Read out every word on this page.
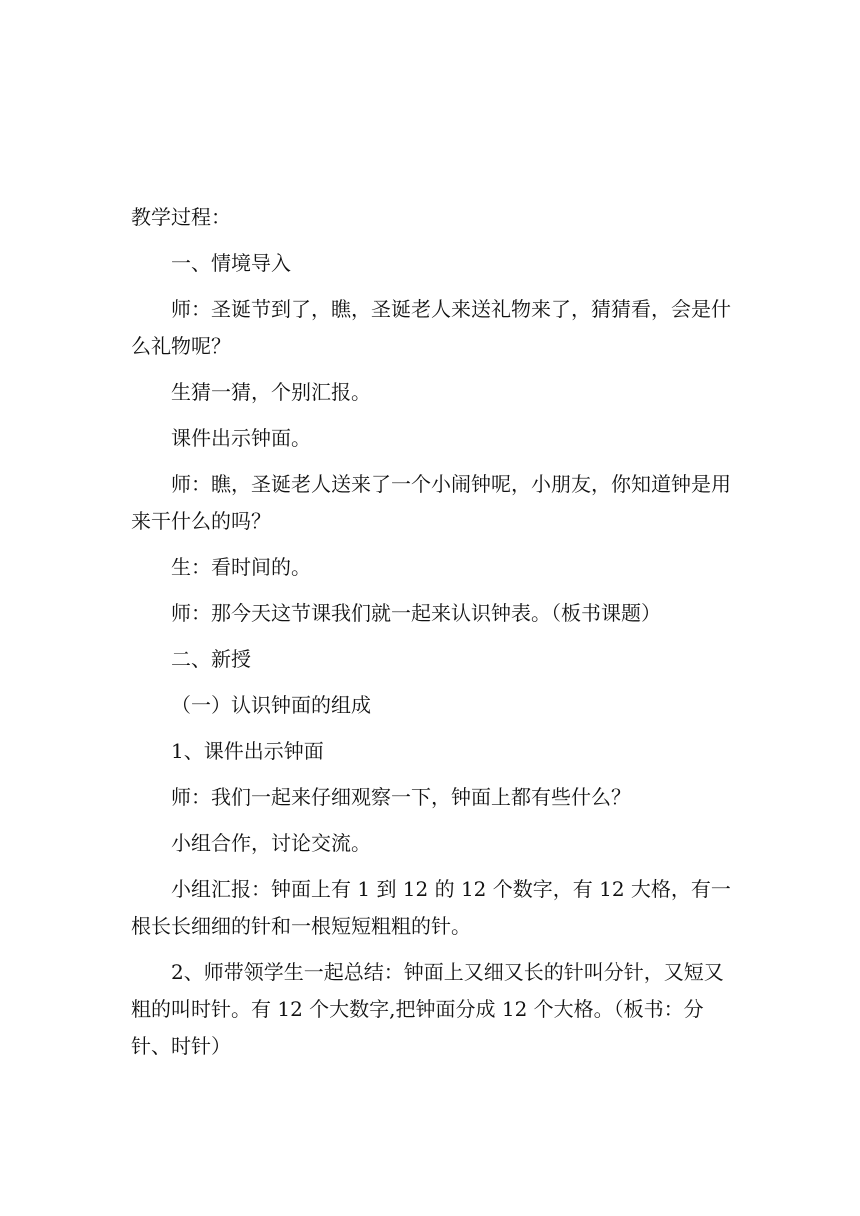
教学过程：

一、情境导入

师：圣诞节到了，瞧，圣诞老人来送礼物来了，猜猜看，会是什么礼物呢？

生猜一猜，个别汇报。

课件出示钟面。

师：瞧，圣诞老人送来了一个小闹钟呢，小朋友，你知道钟是用来干什么的吗？

生：看时间的。

师：那今天这节课我们就一起来认识钟表。（板书课题）

二、新授

（一）认识钟面的组成

1、课件出示钟面

师：我们一起来仔细观察一下，钟面上都有些什么？

小组合作，讨论交流。

小组汇报：钟面上有 1 到 12 的 12 个数字，有 12 大格，有一根长长细细的针和一根短短粗粗的针。

2、师带领学生一起总结：钟面上又细又长的针叫分针，又短又粗的叫时针。有 12 个大数字,把钟面分成 12 个大格。（板书：分针、时针）
